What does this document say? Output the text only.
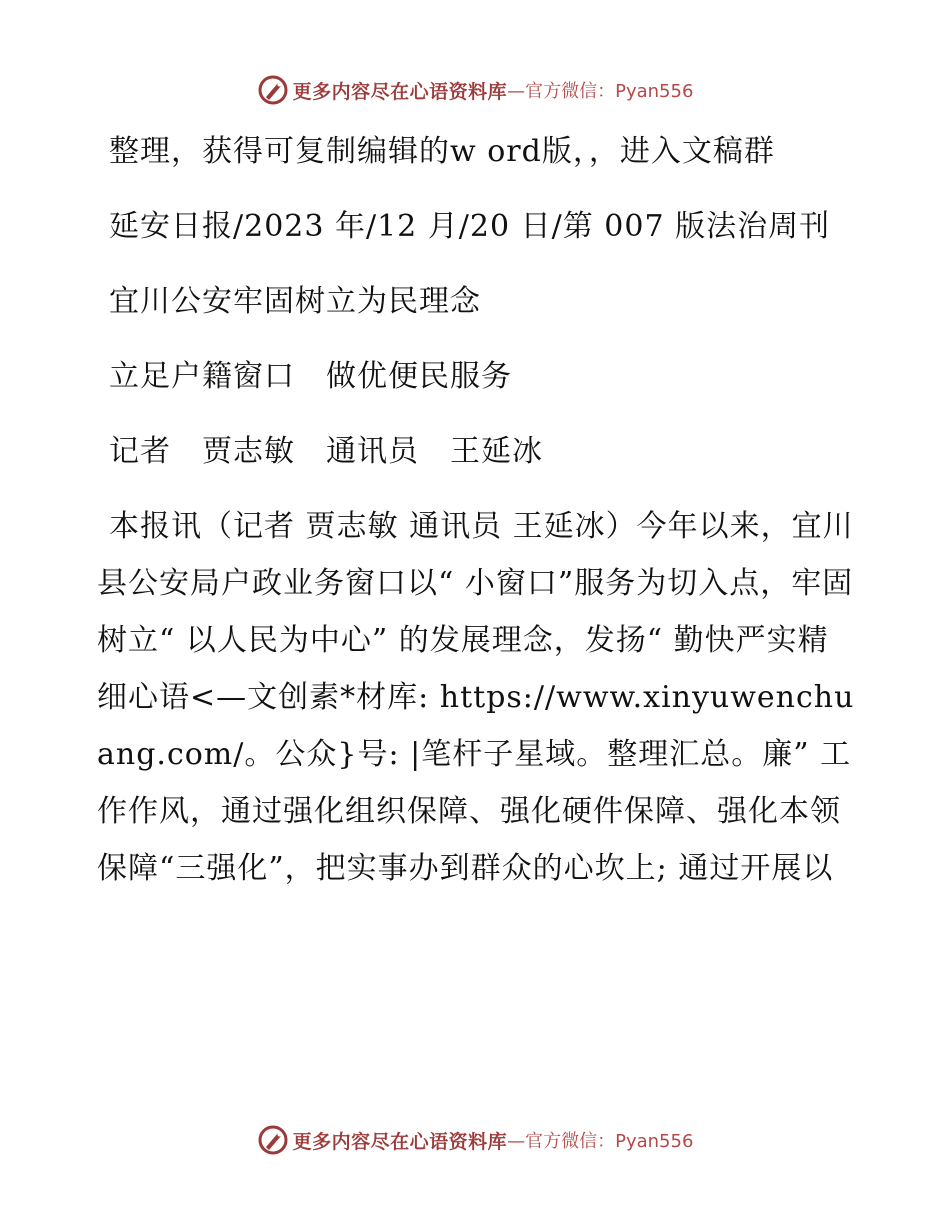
更多内容尽在心语资料库 —官方微信：Pyan556

整理，获得可复制编辑的w ord版，，进入文稿群

延安日报/2023 年/12 月/20 日/第 007 版法治周刊

宜川公安牢固树立为民理念

立足户籍窗口　做优便民服务

记者　贾志敏　通讯员　王延冰

本报讯（记者 贾志敏 通讯员 王延冰）今年以来，宜川县公安局户政业务窗口以“ 小窗口”服务为切入点，牢固树立“ 以人民为中心” 的发展理念，发扬“ 勤快严实精细心语<—文创素*材库: https://www.xinyuwenchuang.com/。公众}号: |笔杆子星域。整理汇总。廉” 工作作风，通过强化组织保障、强化硬件保障、强化本领保障“三强化”，把实事办到群众的心坎上; 通过开展以

更多内容尽在心语资料库 —官方微信：Pyan556
